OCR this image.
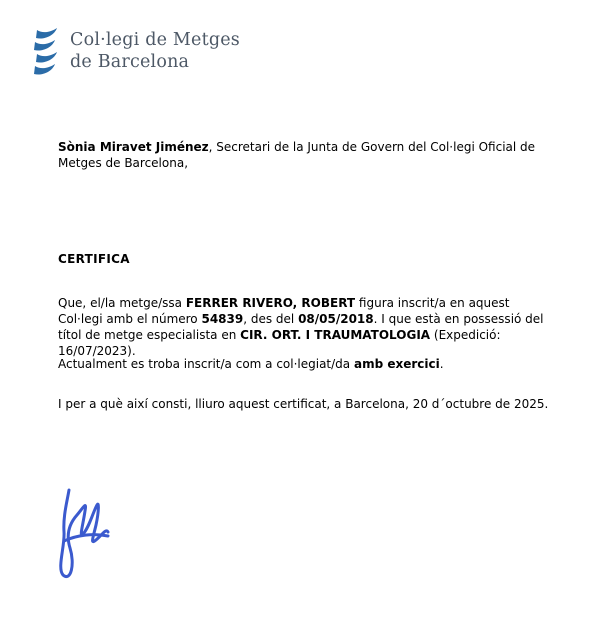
Col·legi de Metges
de Barcelona
Sònia Miravet Jiménez, Secretari de la Junta de Govern del Col·legi Oficial de Metges de Barcelona,
CERTIFICA
Que, el/la metge/ssa FERRER RIVERO, ROBERT figura inscrit/a en aquest Col·legi amb el número 54839, des del 08/05/2018. I que està en possessió del títol de metge especialista en CIR. ORT. I TRAUMATOLOGIA (Expedició: 16/07/2023).
Actualment es troba inscrit/a com a col·legiat/da amb exercici.
I per a què així consti, lliuro aquest certificat, a Barcelona, 20 d´octubre de 2025.
